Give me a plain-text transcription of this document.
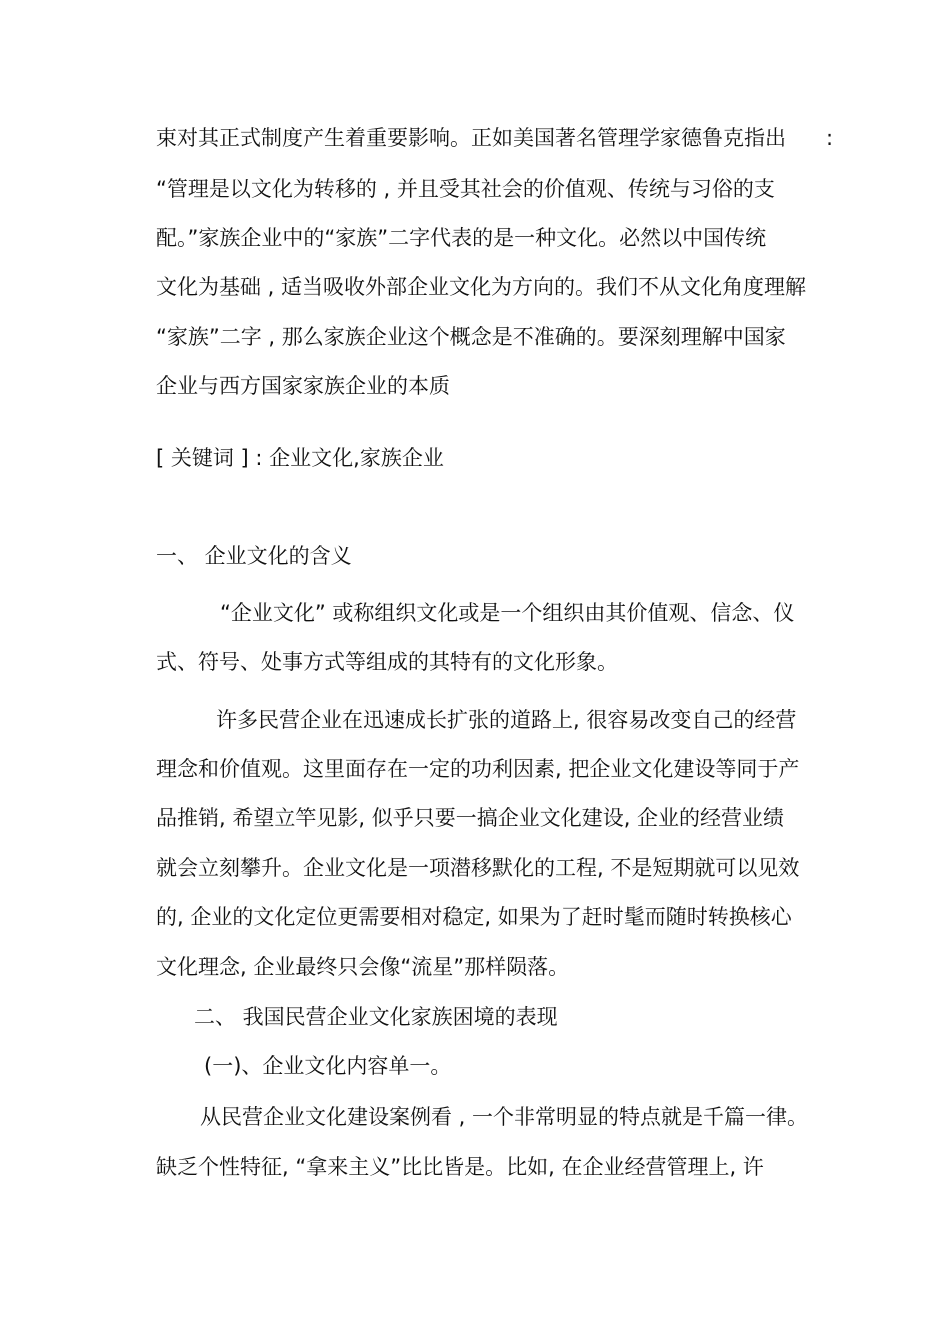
束对其正式制度产生着重要影响。正如美国著名管理学家德鲁克指出 :
“管理是以文化为转移的 , 并且受其社会的价值观、传统与习俗的支
配。”家族企业中的“家族”二字代表的是一种文化。必然以中国传统
文化为基础 , 适当吸收外部企业文化为方向的。我们不从文化角度理解
“家族”二字 , 那么家族企业这个概念是不准确的。要深刻理解中国家
企业与西方国家家族企业的本质
[ 关键词 ] : 企业文化,家族企业
一、 企业文化的含义
“企业文化” 或称组织文化或是一个组织由其价值观、信念、仪
式、符号、处事方式等组成的其特有的文化形象。
许多民营企业在迅速成长扩张的道路上, 很容易改变自己的经营
理念和价值观。这里面存在一定的功利因素, 把企业文化建设等同于产
品推销, 希望立竿见影, 似乎只要一搞企业文化建设, 企业的经营业绩
就会立刻攀升。企业文化是一项潜移默化的工程, 不是短期就可以见效
的, 企业的文化定位更需要相对稳定, 如果为了赶时髦而随时转换核心
文化理念, 企业最终只会像“流星”那样陨落。
二、 我国民营企业文化家族困境的表现
(一)、企业文化内容单一。
从民营企业文化建设案例看 , 一个非常明显的特点就是千篇一律。
缺乏个性特征, “拿来主义”比比皆是。比如, 在企业经营管理上, 许
